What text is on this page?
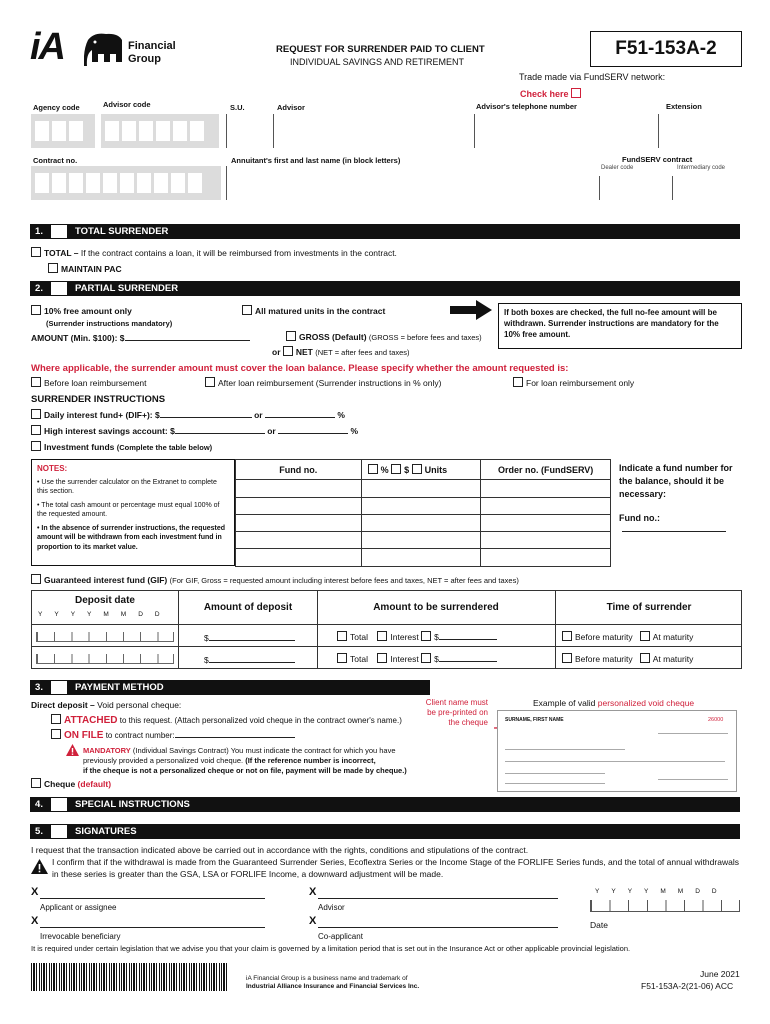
iA	Financial
Group
REQUEST FOR SURRENDER PAID TO CLIENT
INDIVIDUAL SAVINGS AND RETIREMENT
F51-153A-2
Trade made via FundSERV network:
Check here
Agency code	Advisor code	S.U.	Advisor	Advisor's telephone number	Extension
Contract no.	Annuitant's first and last name (in block letters)	FundSERV contract
Dealer code	Intermediary code
1.	TOTAL SURRENDER
TOTAL – If the contract contains a loan, it will be reimbursed from investments in the contract.
MAINTAIN PAC
2.	PARTIAL SURRENDER
10% free amount only
(Surrender instructions mandatory)
All matured units in the contract	If both boxes are checked, the full no-fee amount will be withdrawn. Surrender instructions are mandatory for the 10% free amount.
AMOUNT (Min. $100): $	GROSS (Default) (GROSS = before fees and taxes)
or NET (NET = after fees and taxes)
Where applicable, the surrender amount must cover the loan balance. Please specify whether the amount requested is:
Before loan reimbursement	After loan reimbursement (Surrender instructions in % only)	For loan reimbursement only
SURRENDER INSTRUCTIONS
Daily interest fund+ (DIF+): $	or	%
High interest savings account: $	or	%
Investment funds (Complete the table below)
NOTES:
• Use the surrender calculator on the Extranet to complete this section.
• The total cash amount or percentage must equal 100% of the requested amount.
• In the absence of surrender instructions, the requested amount will be withdrawn from each investment fund in proportion to its market value.
Fund no.	% $ Units	Order no. (FundSERV)

			Indicate a fund number for the balance, should it be necessary:
Fund no.:
Guaranteed interest fund (GIF) (For GIF, Gross = requested amount including interest before fees and taxes, NET = after fees and taxes)
Deposit date
Y Y Y Y M M D D
Amount of deposit	Amount to be surrendered	Time of surrender
$	Total	Interest $	Before maturity At maturity
$	Total	Interest $	Before maturity At maturity
3.	PAYMENT METHOD
Direct deposit – Void personal cheque:
ATTACHED to this request. (Attach personalized void cheque in the contract owner's name.)
ON FILE to contract number:
MANDATORY (Individual Savings Contract) You must indicate the contract for which you have
previously provided a personalized void cheque. (If the reference number is incorrect,
if the cheque is not a personalized cheque or not on file, payment will be made by cheque.)
Cheque (default)
Client name must be pre-printed on the cheque
Example of valid personalized void cheque
SURNAME, FIRST NAME	26000
4.	SPECIAL INSTRUCTIONS
5.	SIGNATURES
I request that the transaction indicated above be carried out in accordance with the rights, conditions and stipulations of the contract.
I confirm that if the withdrawal is made from the Guaranteed Surrender Series, Ecoflextra Series or the Income Stage of the FORLIFE Series funds, and the total of annual withdrawals in these series is greater than the GSA, LSA or FORLIFE Income, a downward adjustment will be made.
X
Applicant or assignee
X
Advisor
X
Irrevocable beneficiary
X
Co-applicant
Y Y Y Y M M D D
Date
It is required under certain legislation that we advise you that your claim is governed by a limitation period that is set out in the Insurance Act or other applicable provincial legislation.
iA Financial Group is a business name and trademark of
Industrial Alliance Insurance and Financial Services Inc.
June 2021
F51-153A-2(21-06) ACC
